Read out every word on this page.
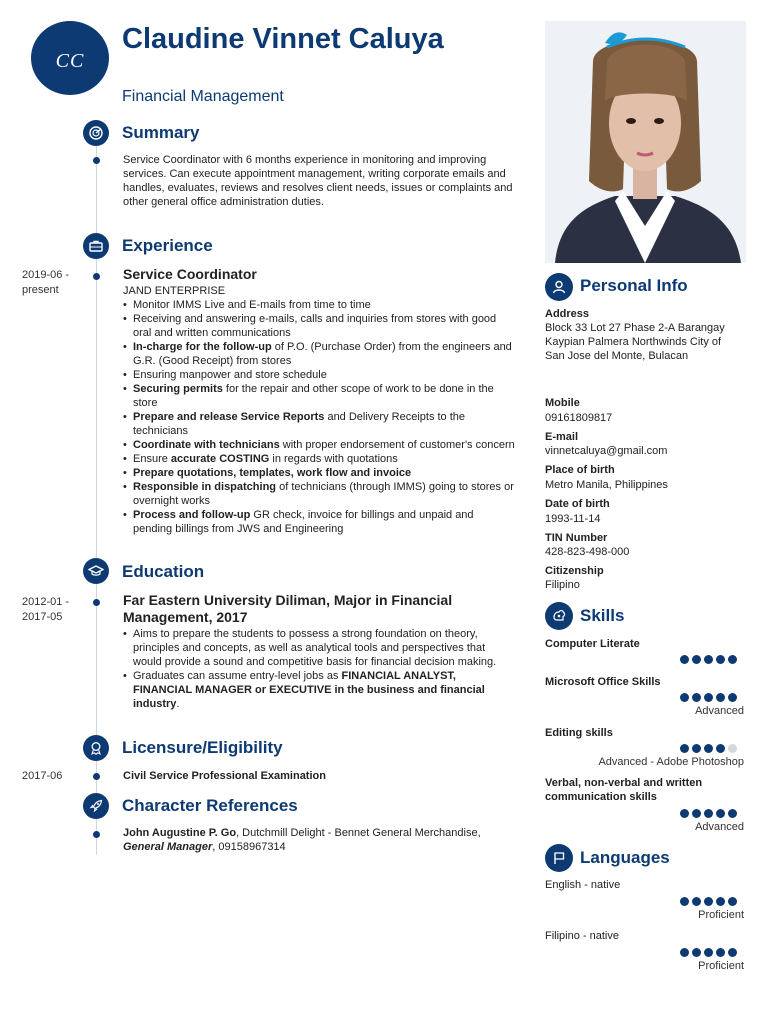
CC
Claudine Vinnet Caluya
Financial Management
Summary
Service Coordinator with 6 months experience in monitoring and improving services. Can execute appointment management, writing corporate emails and handles, evaluates, reviews and resolves client needs, issues or complaints and other general office administration duties.
Experience
2019-06 - present
Service Coordinator
JAND ENTERPRISE
• Monitor IMMS Live and E-mails from time to time
• Receiving and answering e-mails, calls and inquiries from stores with good oral and written communications
• In-charge for the follow-up of P.O. (Purchase Order) from the engineers and G.R. (Good Receipt) from stores
• Ensuring manpower and store schedule
• Securing permits for the repair and other scope of work to be done in the store
• Prepare and release Service Reports and Delivery Receipts to the technicians
• Coordinate with technicians with proper endorsement of customer's concern
• Ensure accurate COSTING in regards with quotations
• Prepare quotations, templates, work flow and invoice
• Responsible in dispatching of technicians (through IMMS) going to stores or overnight works
• Process and follow-up GR check, invoice for billings and unpaid and pending billings from JWS and Engineering
Education
2012-01 - 2017-05
Far Eastern University Diliman, Major in Financial Management, 2017
• Aims to prepare the students to possess a strong foundation on theory, principles and concepts, as well as analytical tools and perspectives that would provide a sound and competitive basis for financial decision making.
• Graduates can assume entry-level jobs as FINANCIAL ANALYST, FINANCIAL MANAGER or EXECUTIVE in the business and financial industry.
Licensure/Eligibility
2017-06	Civil Service Professional Examination
Character References
John Augustine P. Go, Dutchmill Delight - Bennet General Merchandise,
General Manager, 09158967314
Personal Info
Address
Block 33 Lot 27 Phase 2-A Barangay Kaypian Palmera Northwinds City of San Jose del Monte, Bulacan
Mobile
09161809817
E-mail
vinnetcaluya@gmail.com
Place of birth
Metro Manila, Philippines
Date of birth
1993-11-14
TIN Number
428-823-498-000
Citizenship
Filipino
Skills
Computer Literate
Microsoft Office Skills
Advanced
Editing skills
Advanced - Adobe Photoshop
Verbal, non-verbal and written communication skills
Advanced
Languages
English - native
Proficient
Filipino - native
Proficient
